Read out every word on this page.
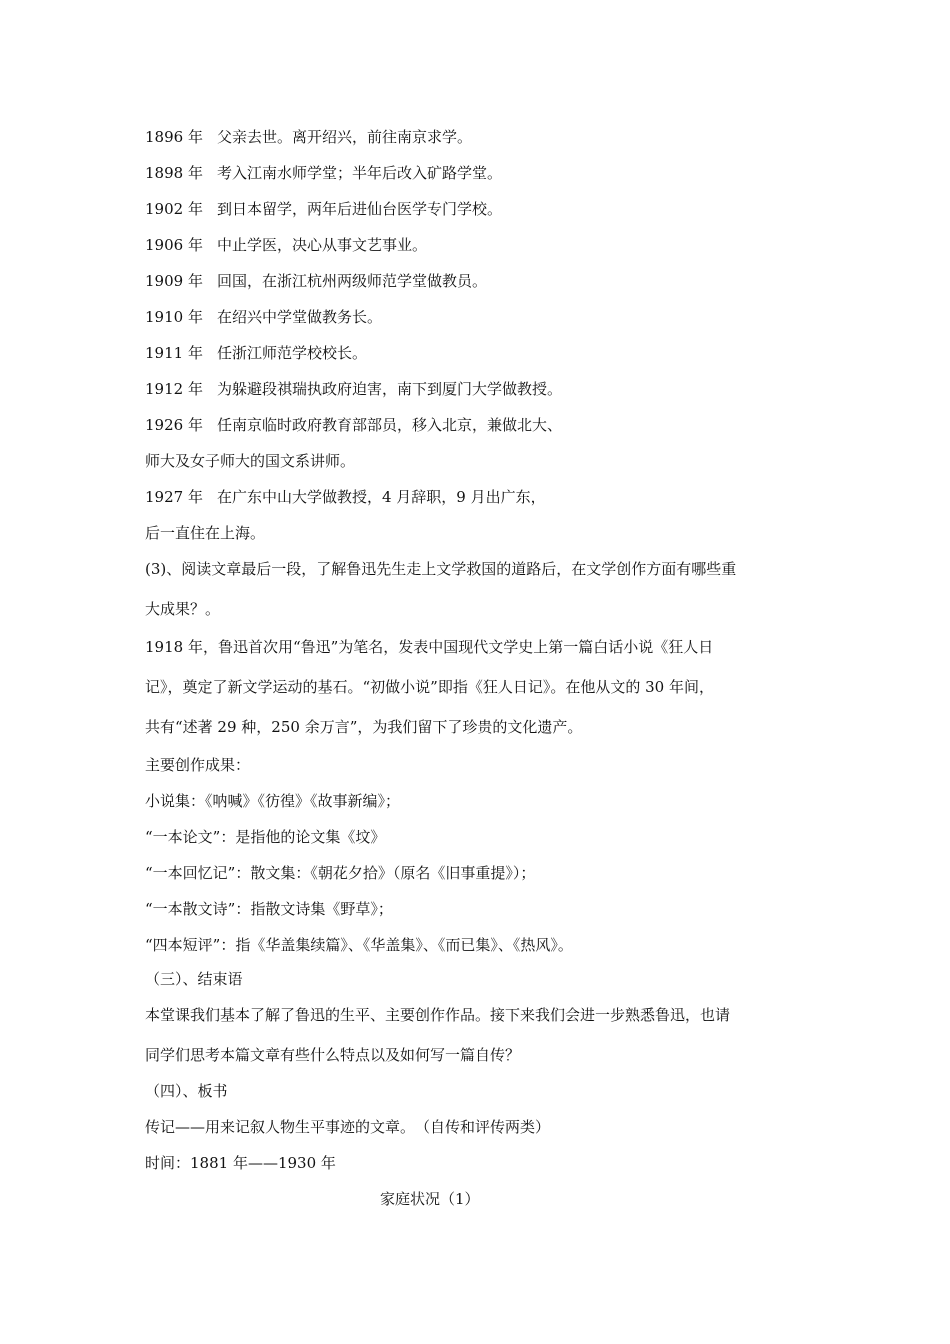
1896 年 父亲去世。离开绍兴，前往南京求学。
1898 年 考入江南水师学堂；半年后改入矿路学堂。
1902 年 到日本留学，两年后进仙台医学专门学校。
1906 年 中止学医，决心从事文艺事业。
1909 年 回国，在浙江杭州两级师范学堂做教员。
1910 年 在绍兴中学堂做教务长。
1911 年 任浙江师范学校校长。
1912 年 为躲避段祺瑞执政府迫害，南下到厦门大学做教授。
1926 年 任南京临时政府教育部部员，移入北京，兼做北大、
师大及女子师大的国文系讲师。
1927 年 在广东中山大学做教授，4 月辞职，9 月出广东，
后一直住在上海。
(3)、阅读文章最后一段，了解鲁迅先生走上文学救国的道路后，在文学创作方面有哪些重
大成果？。
1918 年，鲁迅首次用“鲁迅”为笔名，发表中国现代文学史上第一篇白话小说《狂人日
记》，奠定了新文学运动的基石。“初做小说”即指《狂人日记》。在他从文的 30 年间，
共有“述著 29 种，250 余万言”，为我们留下了珍贵的文化遗产。
主要创作成果：
小说集：《呐喊》《彷徨》《故事新编》；
“一本论文”：是指他的论文集《坟》
“一本回忆记”：散文集：《朝花夕拾》（原名《旧事重提》）；
“一本散文诗”：指散文诗集《野草》；
“四本短评”：指《华盖集续篇》、《华盖集》、《而已集》、《热风》。
（三）、结束语
本堂课我们基本了解了鲁迅的生平、主要创作作品。接下来我们会进一步熟悉鲁迅，也请
同学们思考本篇文章有些什么特点以及如何写一篇自传？
（四）、板书
传记——用来记叙人物生平事迹的文章。　（自传和评传两类）
时间：1881 年——1930 年
家庭状况（1）
